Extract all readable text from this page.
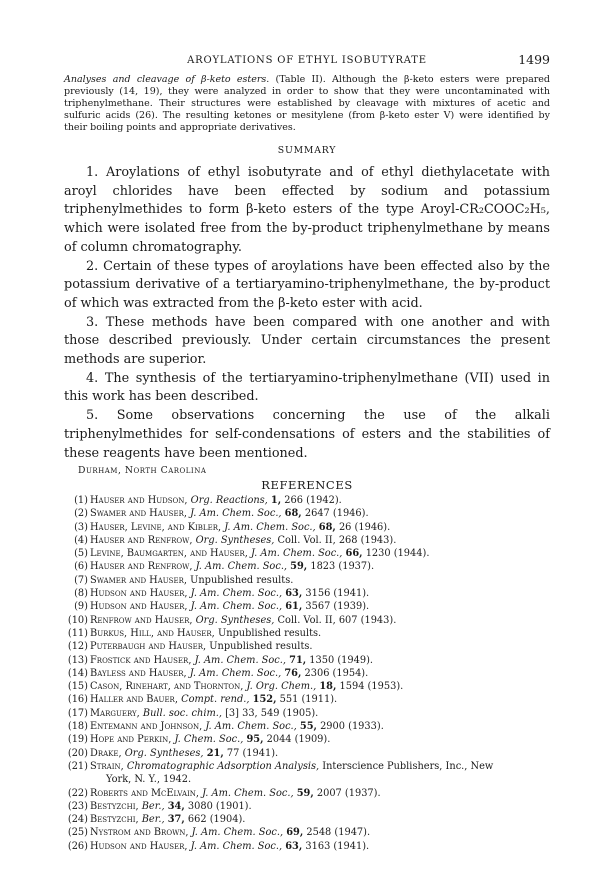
AROYLATIONS OF ETHYL ISOBUTYRATE	1499

Analyses and cleavage of β-keto esters. (Table II). Although the β-keto esters were prepared previously (14, 19), they were analyzed in order to show that they were uncontaminated with triphenylmethane. Their structures were established by cleavage with mixtures of acetic and sulfuric acids (26). The resulting ketones or mesitylene (from β-keto ester V) were identified by their boiling points and appropriate derivatives.

SUMMARY

1. Aroylations of ethyl isobutyrate and of ethyl diethylacetate with aroyl chlorides have been effected by sodium and potassium triphenylmethides to form β-keto esters of the type Aroyl-CR₂COOC₂H₅, which were isolated free from the by-product triphenylmethane by means of column chromatography.

2. Certain of these types of aroylations have been effected also by the potassium derivative of a tertiaryamino-triphenylmethane, the by-product of which was extracted from the β-keto ester with acid.

3. These methods have been compared with one another and with those described previously. Under certain circumstances the present methods are superior.

4. The synthesis of the tertiaryamino-triphenylmethane (VII) used in this work has been described.

5. Some observations concerning the use of the alkali triphenylmethides for self-condensations of esters and the stabilities of these reagents have been mentioned.

Durham, North Carolina
REFERENCES
(1) Hauser and Hudson, Org. Reactions, 1, 266 (1942).
(2) Swamer and Hauser, J. Am. Chem. Soc., 68, 2647 (1946).
(3) Hauser, Levine, and Kibler, J. Am. Chem. Soc., 68, 26 (1946).
(4) Hauser and Renfrow, Org. Syntheses, Coll. Vol. II, 268 (1943).
(5) Levine, Baumgarten, and Hauser, J. Am. Chem. Soc., 66, 1230 (1944).
(6) Hauser and Renfrow, J. Am. Chem. Soc., 59, 1823 (1937).
(7) Swamer and Hauser, Unpublished results.
(8) Hudson and Hauser, J. Am. Chem. Soc., 63, 3156 (1941).
(9) Hudson and Hauser, J. Am. Chem. Soc., 61, 3567 (1939).
(10) Renfrow and Hauser, Org. Syntheses, Coll. Vol. II, 607 (1943).
(11) Burkus, Hill, and Hauser, Unpublished results.
(12) Puterbaugh and Hauser, Unpublished results.
(13) Frostick and Hauser, J. Am. Chem. Soc., 71, 1350 (1949).
(14) Bayless and Hauser, J. Am. Chem. Soc., 76, 2306 (1954).
(15) Cason, Rinehart, and Thornton, J. Org. Chem., 18, 1594 (1953).
(16) Haller and Bauer, Compt. rend., 152, 551 (1911).
(17) Marguery, Bull. soc. chim., [3] 33, 549 (1905).
(18) Entemann and Johnson, J. Am. Chem. Soc., 55, 2900 (1933).
(19) Hope and Perkin, J. Chem. Soc., 95, 2044 (1909).
(20) Drake, Org. Syntheses, 21, 77 (1941).
(21) Strain, Chromatographic Adsorption Analysis, Interscience Publishers, Inc., New
York, N. Y., 1942.
(22) Roberts and McElvain, J. Am. Chem. Soc., 59, 2007 (1937).
(23) Bestyzchi, Ber., 34, 3080 (1901).
(24) Bestyzchi, Ber., 37, 662 (1904).
(25) Nystrom and Brown, J. Am. Chem. Soc., 69, 2548 (1947).
(26) Hudson and Hauser, J. Am. Chem. Soc., 63, 3163 (1941).
